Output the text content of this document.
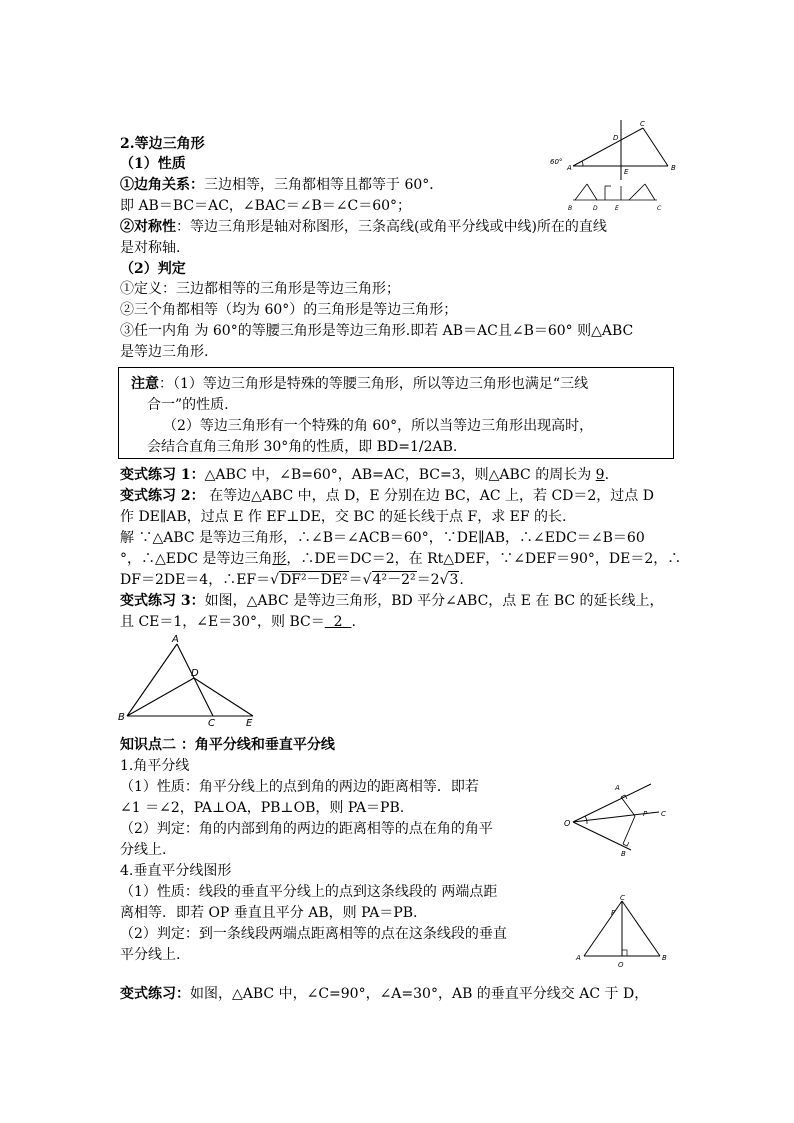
2.等边三角形
（1）性质
①边角关系：三边相等，三角都相等且都等于 60°．
即 AB＝BC＝AC，∠BAC＝∠B＝∠C＝60°；
②对称性：等边三角形是轴对称图形，三条高线(或角平分线或中线)所在的直线
是对称轴.
（2）判定
①定义：三边都相等的三角形是等边三角形；
②三个角都相等（均为 60°）的三角形是等边三角形；
③任一内角 为 60°的等腰三角形是等边三角形.即若 AB＝AC且∠B＝60° 则△ABC
是等边三角形.
C
D
A	B
E
60°
B	D	E	C
注意：（1）等边三角形是特殊的等腰三角形，所以等边三角形也满足“三线
合一”的性质.
（2）等边三角形有一个特殊的角 60°，所以当等边三角形出现高时，
会结合直角三角形 30°角的性质，即 BD=1/2AB.
变式练习 1：△ABC 中，∠B=60°，AB=AC，BC=3，则△ABC 的周长为 9.
变式练习 2： 在等边△ABC 中，点 D，E 分别在边 BC，AC 上，若 CD＝2，过点 D
作 DE∥AB，过点 E 作 EF⊥DE，交 BC 的延长线于点 F，求 EF 的长.
解 ∵△ABC 是等边三角形，∴∠B＝∠ACB＝60°，∵DE∥AB，∴∠EDC＝∠B＝60
°，∴△EDC 是等边三角形，∴DE＝DC＝2，在 Rt△DEF，∵∠DEF＝90°，DE＝2，∴
DF＝2DE＝4，∴EF＝√DF²－DE²＝√4²－2²＝2√3.
变式练习 3：如图，△ABC 是等边三角形，BD 平分∠ABC，点 E 在 BC 的延长线上，
且 CE＝1，∠E＝30°，则 BC＝  2  .
A
D
B
C	E
知识点二 ：角平分线和垂直平分线
1.角平分线
（1）性质：角平分线上的点到角的两边的距离相等．即若
∠1 ＝∠2，PA⊥OA，PB⊥OB，则 PA＝PB.
（2）判定：角的内部到角的两边的距离相等的点在角的角平
分线上.
4.垂直平分线图形
（1）性质：线段的垂直平分线上的点到这条线段的 两端点距
离相等．即若 OP 垂直且平分 AB，则 PA＝PB.
（2）判定：到一条线段两端点距离相等的点在这条线段的垂直
平分线上.
O
A
B
P C
C
P
A	B
O
变式练习：如图，△ABC 中，∠C=90°，∠A=30°，AB 的垂直平分线交 AC 于 D，
